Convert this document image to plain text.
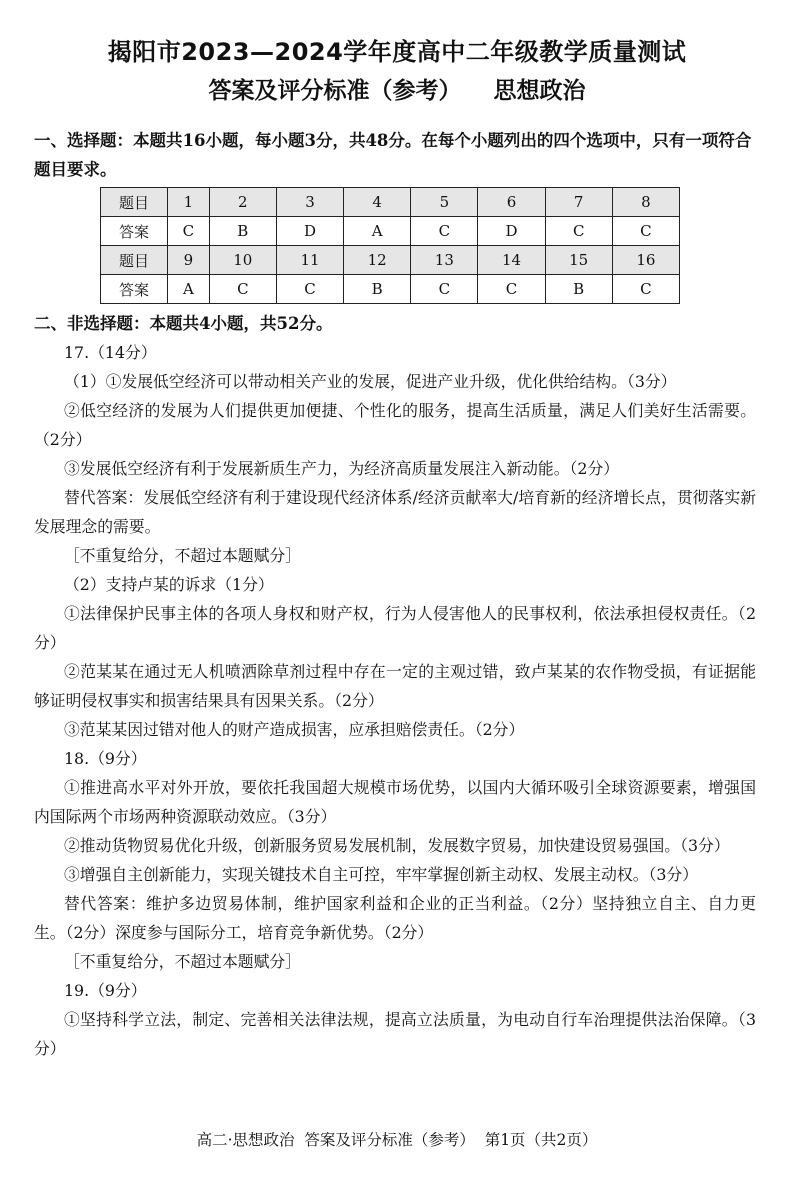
揭阳市2023—2024学年度高中二年级教学质量测试
答案及评分标准（参考）    思想政治
一、选择题：本题共16小题，每小题3分，共48分。在每个小题列出的四个选项中，只有一项符合题目要求。
题目	1	2	3	4	5	6	7	8
答案	C	B	D	A	C	D	C	C
题目	9	10	11	12	13	14	15	16
答案	A	C	C	B	C	C	B	C
二、非选择题：本题共4小题，共52分。

17.（14分）

（1）①发展低空经济可以带动相关产业的发展，促进产业升级，优化供给结构。（3分）

②低空经济的发展为人们提供更加便捷、个性化的服务，提高生活质量，满足人们美好生活需要。（2分）

③发展低空经济有利于发展新质生产力，为经济高质量发展注入新动能。（2分）

替代答案：发展低空经济有利于建设现代经济体系/经济贡献率大/培育新的经济增长点，贯彻落实新发展理念的需要。

［不重复给分，不超过本题赋分］

（2）支持卢某的诉求（1分）

①法律保护民事主体的各项人身权和财产权，行为人侵害他人的民事权利，依法承担侵权责任。（2分）

②范某某在通过无人机喷洒除草剂过程中存在一定的主观过错，致卢某某的农作物受损，有证据能够证明侵权事实和损害结果具有因果关系。（2分）

③范某某因过错对他人的财产造成损害，应承担赔偿责任。（2分）

18.（9分）

①推进高水平对外开放，要依托我国超大规模市场优势，以国内大循环吸引全球资源要素，增强国内国际两个市场两种资源联动效应。（3分）

②推动货物贸易优化升级，创新服务贸易发展机制，发展数字贸易，加快建设贸易强国。（3分）

③增强自主创新能力，实现关键技术自主可控，牢牢掌握创新主动权、发展主动权。（3分）

替代答案：维护多边贸易体制，维护国家利益和企业的正当利益。（2分）坚持独立自主、自力更生。（2分）深度参与国际分工，培育竞争新优势。（2分）

［不重复给分，不超过本题赋分］

19.（9分）

①坚持科学立法，制定、完善相关法律法规，提高立法质量，为电动自行车治理提供法治保障。（3分）

高二·思想政治  答案及评分标准（参考）  第1页（共2页）
